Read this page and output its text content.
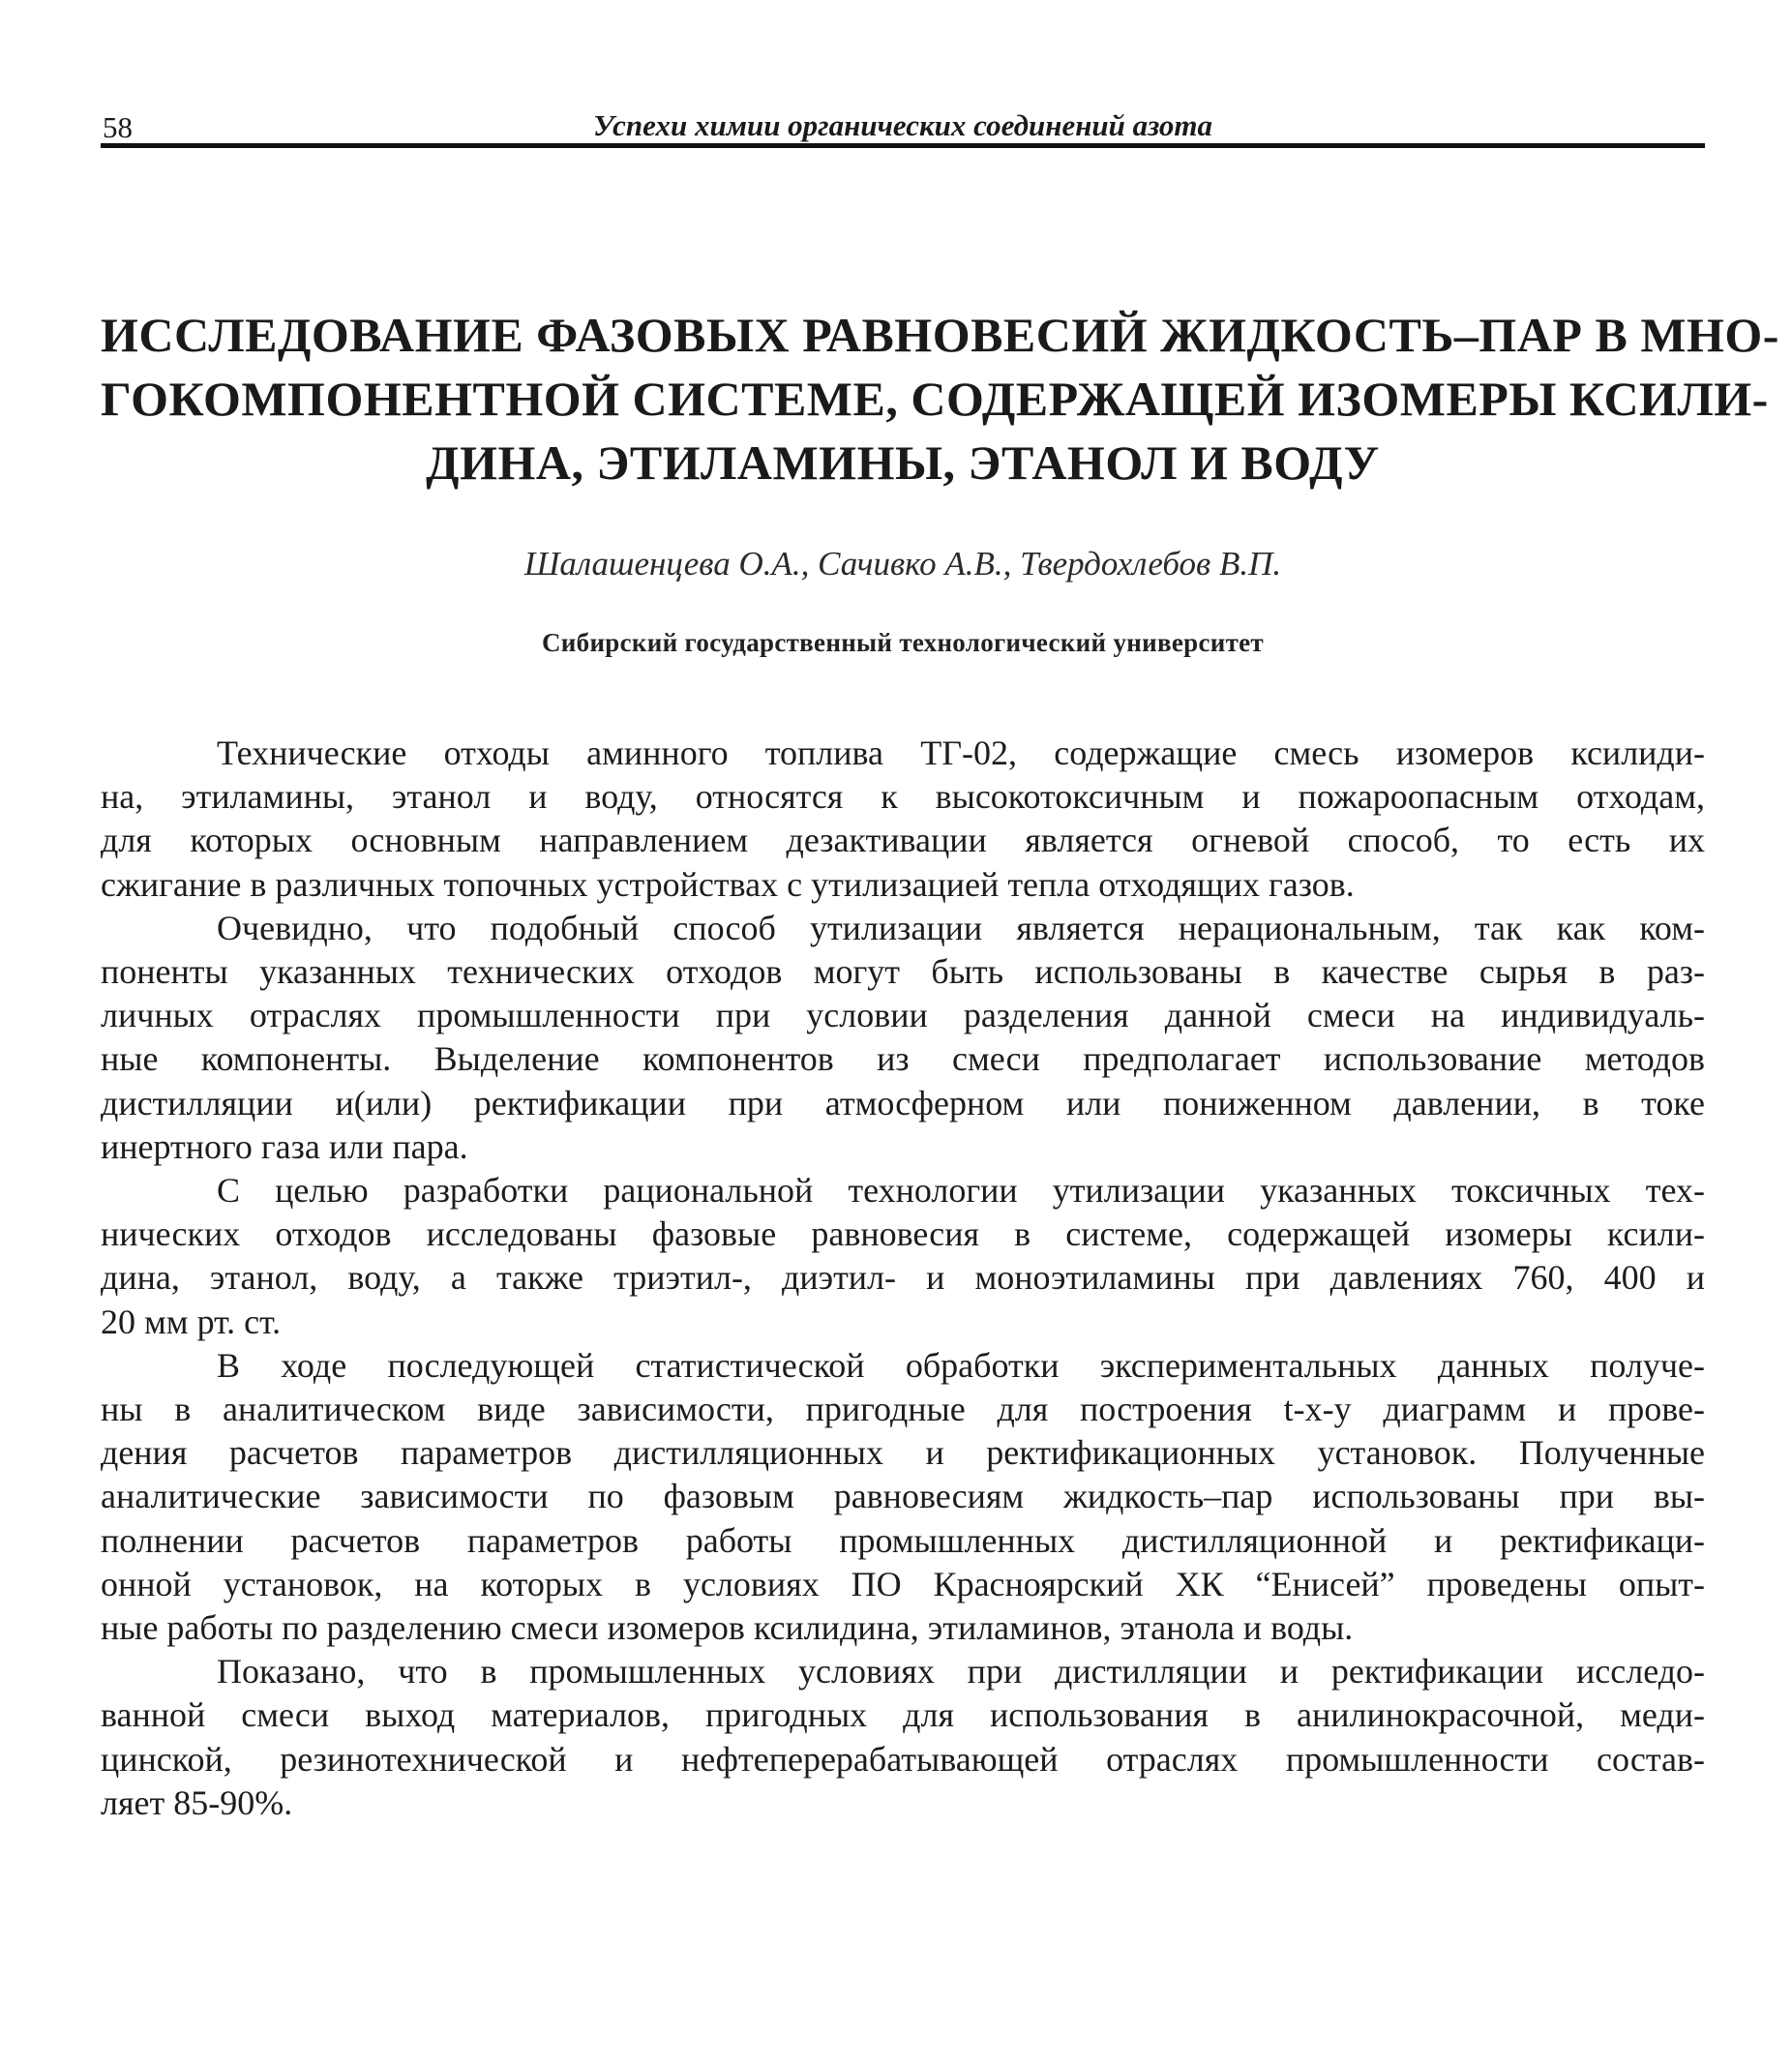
58	Успехи химии органических соединений азота
ИССЛЕДОВАНИЕ ФАЗОВЫХ РАВНОВЕСИЙ ЖИДКОСТЬ–ПАР В МНО-
ГОКОМПОНЕНТНОЙ СИСТЕМЕ, СОДЕРЖАЩЕЙ ИЗОМЕРЫ КСИЛИ-
ДИНА, ЭТИЛАМИНЫ, ЭТАНОЛ И ВОДУ
Шалашенцева О.А., Сачивко А.В., Твердохлебов В.П.
Сибирский государственный технологический университет

Технические отходы аминного топлива ТГ-02, содержащие смесь изомеров ксилиди-
на, этиламины, этанол и воду, относятся к высокотоксичным и пожароопасным отходам,
для которых основным направлением дезактивации является огневой способ, то есть их
сжигание в различных топочных устройствах с утилизацией тепла отходящих газов.

Очевидно, что подобный способ утилизации является нерациональным, так как ком-
поненты указанных технических отходов могут быть использованы в качестве сырья в раз-
личных отраслях промышленности при условии разделения данной смеси на индивидуаль-
ные компоненты. Выделение компонентов из смеси предполагает использование методов
дистилляции и(или) ректификации при атмосферном или пониженном давлении, в токе
инертного газа или пара.

С целью разработки рациональной технологии утилизации указанных токсичных тех-
нических отходов исследованы фазовые равновесия в системе, содержащей изомеры ксили-
дина, этанол, воду, а также триэтил-, диэтил- и моноэтиламины при давлениях 760, 400 и
20 мм рт. ст.

В ходе последующей статистической обработки экспериментальных данных получе-
ны в аналитическом виде зависимости, пригодные для построения t-x-y диаграмм и прове-
дения расчетов параметров дистилляционных и ректификационных установок. Полученные
аналитические зависимости по фазовым равновесиям жидкость–пар использованы при вы-
полнении расчетов параметров работы промышленных дистилляционной и ректификаци-
онной установок, на которых в условиях ПО Красноярский ХК “Енисей” проведены опыт-
ные работы по разделению смеси изомеров ксилидина, этиламинов, этанола и воды.

Показано, что в промышленных условиях при дистилляции и ректификации исследо-
ванной смеси выход материалов, пригодных для использования в анилинокрасочной, меди-
цинской, резинотехнической и нефтеперерабатывающей отраслях промышленности состав-
ляет 85-90%.
